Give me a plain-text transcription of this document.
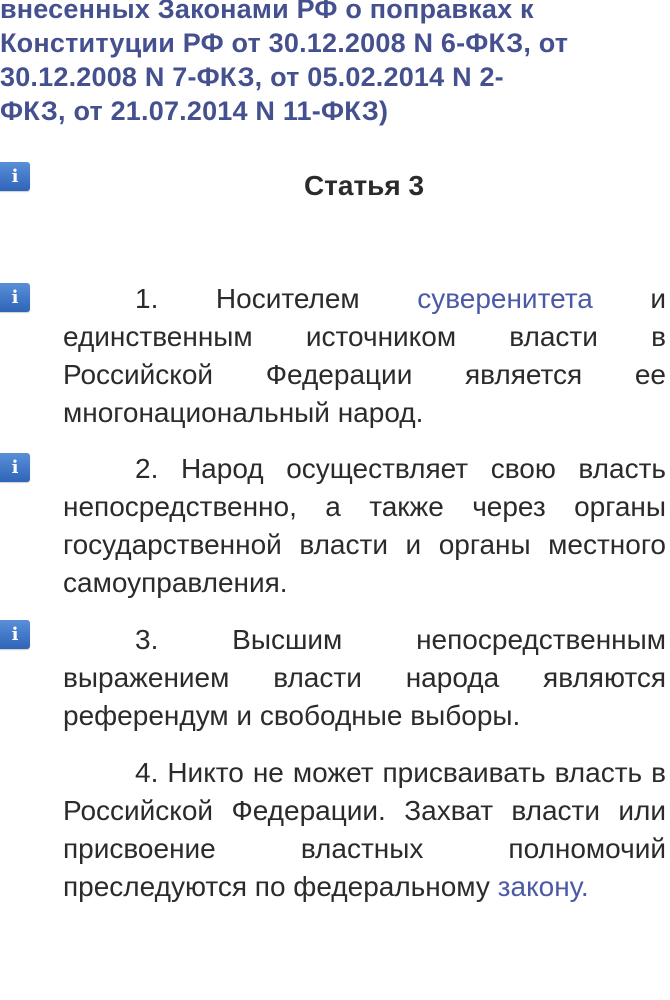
внесенных Законами РФ о поправках к
Конституции РФ от 30.12.2008 N 6-ФКЗ, от
30.12.2008 N 7-ФКЗ, от 05.02.2014 N 2-
ФКЗ, от 21.07.2014 N 11-ФКЗ)
i	Статья 3
i	1. Носителем суверенитета и единственным источником власти в Российской Федерации является ее многонациональный народ.
i	2. Народ осуществляет свою власть непосредственно, а также через органы государственной власти и органы местного самоуправления.
i	3. Высшим непосредственным выражением власти народа являются референдум и свободные выборы.
4. Никто не может присваивать власть в Российской Федерации. Захват власти или присвоение властных полномочий преследуются по федеральному закону.
